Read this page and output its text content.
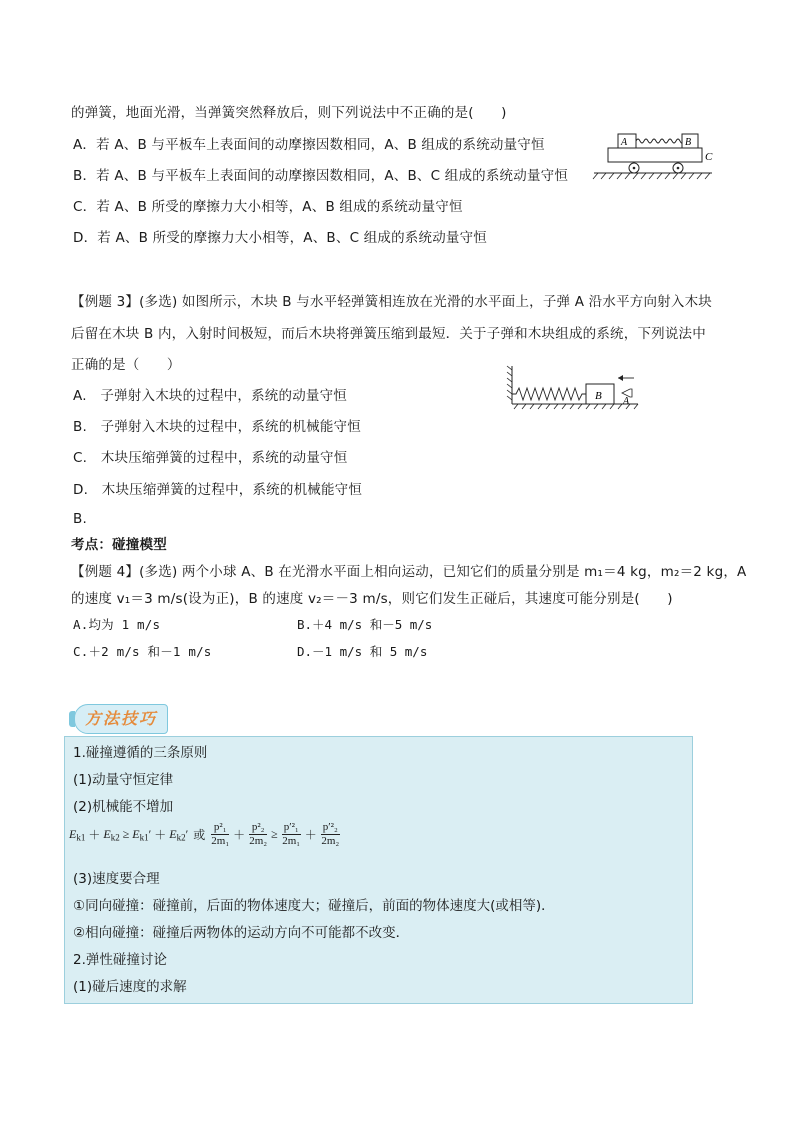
的弹簧，地面光滑，当弹簧突然释放后，则下列说法中不正确的是(　　)
A．若 A、B 与平板车上表面间的动摩擦因数相同，A、B 组成的系统动量守恒
B．若 A、B 与平板车上表面间的动摩擦因数相同，A、B、C 组成的系统动量守恒
C．若 A、B 所受的摩擦力大小相等，A、B 组成的系统动量守恒
D．若 A、B 所受的摩擦力大小相等，A、B、C 组成的系统动量守恒
A	B
C
【例题 3】(多选) 如图所示，木块 B 与水平轻弹簧相连放在光滑的水平面上，子弹 A 沿水平方向射入木块
后留在木块 B 内，入射时间极短，而后木块将弹簧压缩到最短．关于子弹和木块组成的系统，下列说法中
正确的是（　　）
A.　子弹射入木块的过程中，系统的动量守恒
B.　子弹射入木块的过程中，系统的机械能守恒
C.　木块压缩弹簧的过程中，系统的动量守恒
D.　木块压缩弹簧的过程中，系统的机械能守恒
B.
B A
考点：碰撞模型
【例题 4】(多选) 两个小球 A、B 在光滑水平面上相向运动，已知它们的质量分别是 m₁＝4 kg，m₂＝2 kg，A
的速度 v₁＝3 m/s(设为正)，B 的速度 v₂＝－3 m/s，则它们发生正碰后，其速度可能分别是(　　)
A.均为 1 m/s	B.＋4 m/s 和－5 m/s
C.＋2 m/s 和－1 m/s	D.－1 m/s 和 5 m/s
方法技巧
1.碰撞遵循的三条原则
(1)动量守恒定律
(2)机械能不增加
$E_{k1} + E_{k2} \ge E_{k1}' + E_{k2}'$ 或 $\frac{\text{p²₁}}{\text{2m₁}} + \frac{\text{p²₂}}{\text{2m₂}} \ge \frac{\text{p′²₁}}{\text{2m₁}} + \frac{\text{p′²₂}}{\text{2m₂}}$
(3)速度要合理
①同向碰撞：碰撞前，后面的物体速度大；碰撞后，前面的物体速度大(或相等)．
②相向碰撞：碰撞后两物体的运动方向不可能都不改变．
2.弹性碰撞讨论
(1)碰后速度的求解
